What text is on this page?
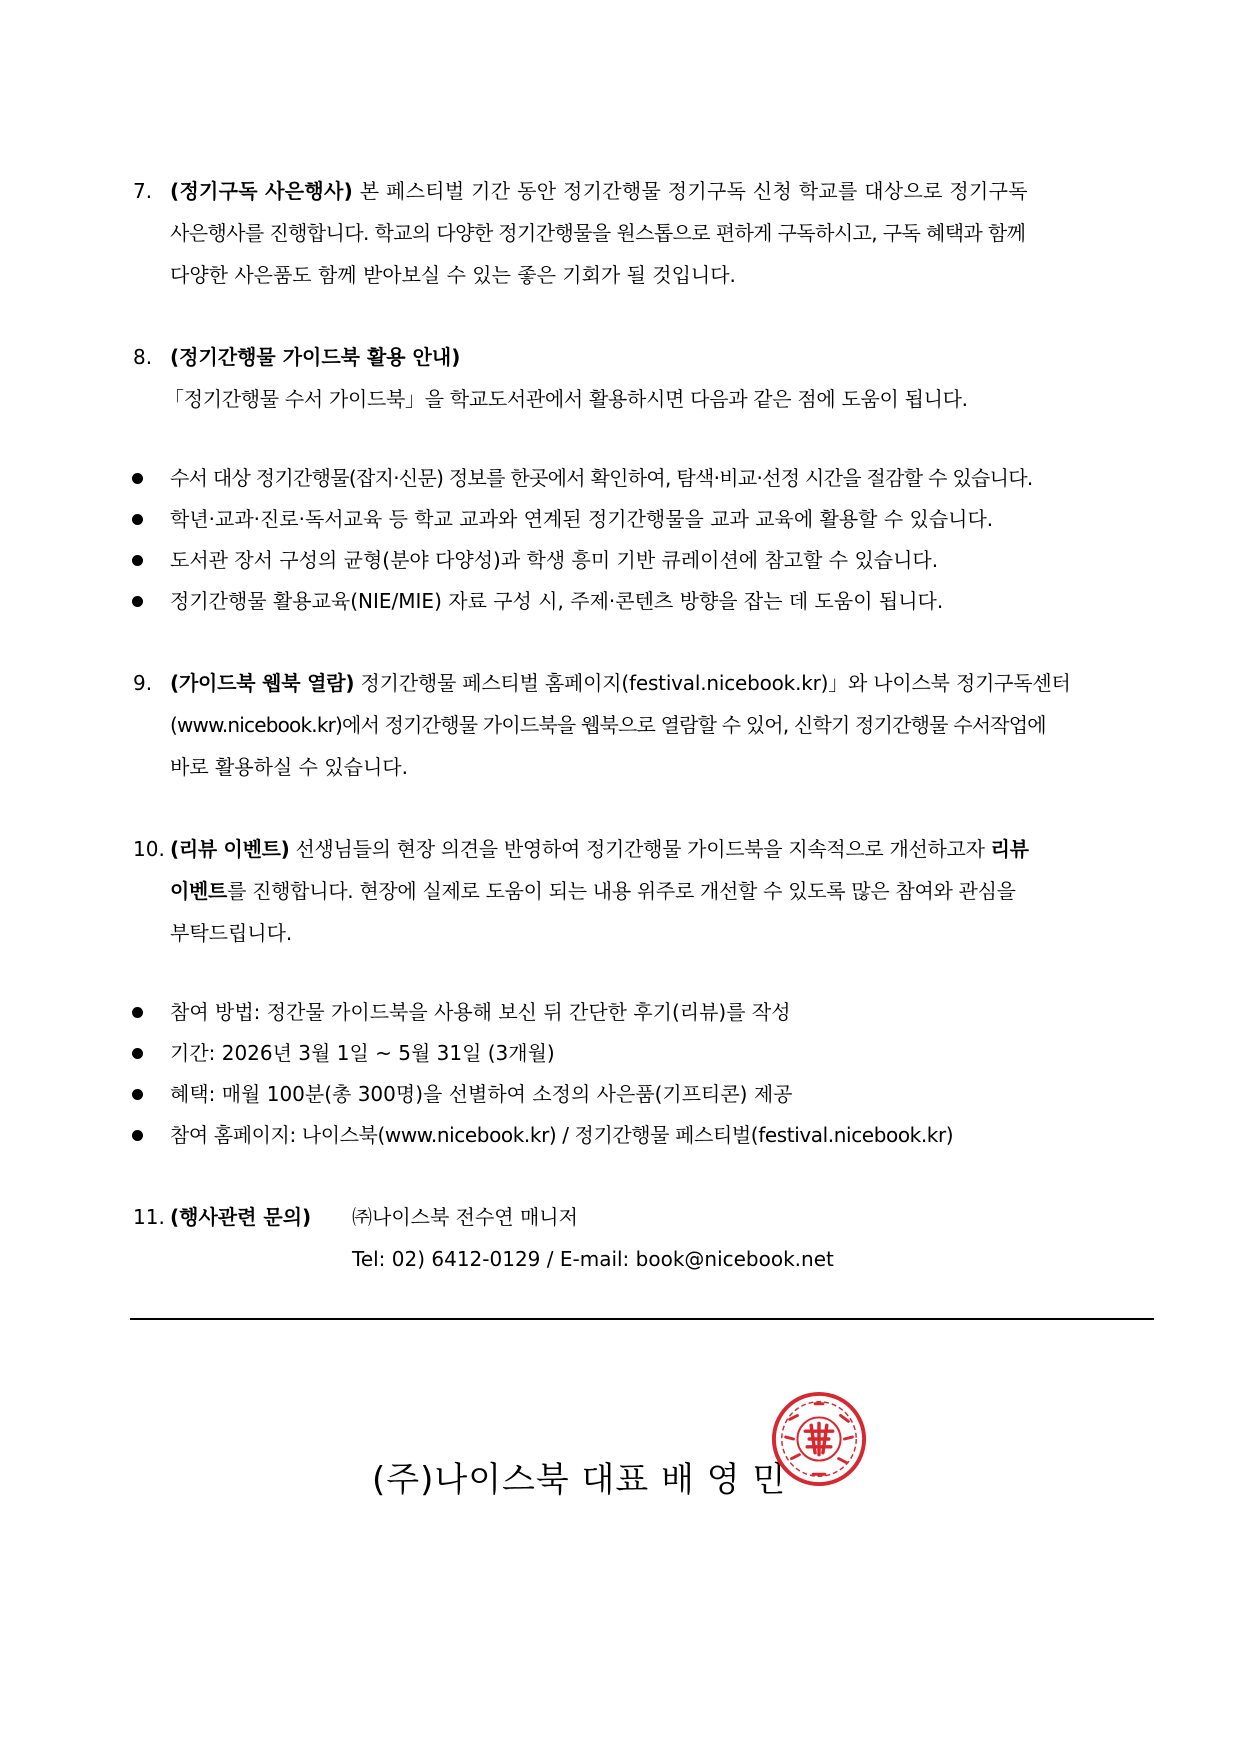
7. (정기구독 사은행사) 본 페스티벌 기간 동안 정기간행물 정기구독 신청 학교를 대상으로 정기구독
사은행사를 진행합니다. 학교의 다양한 정기간행물을 원스톱으로 편하게 구독하시고, 구독 혜택과 함께
다양한 사은품도 함께 받아보실 수 있는 좋은 기회가 될 것입니다.
8. (정기간행물 가이드북 활용 안내)
「정기간행물 수서 가이드북」을 학교도서관에서 활용하시면 다음과 같은 점에 도움이 됩니다.
수서 대상 정기간행물(잡지·신문) 정보를 한곳에서 확인하여, 탐색·비교·선정 시간을 절감할 수 있습니다.
학년·교과·진로·독서교육 등 학교 교과와 연계된 정기간행물을 교과 교육에 활용할 수 있습니다.
도서관 장서 구성의 균형(분야 다양성)과 학생 흥미 기반 큐레이션에 참고할 수 있습니다.
정기간행물 활용교육(NIE/MIE) 자료 구성 시, 주제·콘텐츠 방향을 잡는 데 도움이 됩니다.
9. (가이드북 웹북 열람) 정기간행물 페스티벌 홈페이지(festival.nicebook.kr)」와 나이스북 정기구독센터
(www.nicebook.kr)에서 정기간행물 가이드북을 웹북으로 열람할 수 있어, 신학기 정기간행물 수서작업에
바로 활용하실 수 있습니다.
10. (리뷰 이벤트) 선생님들의 현장 의견을 반영하여 정기간행물 가이드북을 지속적으로 개선하고자 리뷰
이벤트를 진행합니다. 현장에 실제로 도움이 되는 내용 위주로 개선할 수 있도록 많은 참여와 관심을
부탁드립니다.
참여 방법: 정간물 가이드북을 사용해 보신 뒤 간단한 후기(리뷰)를 작성
기간: 2026년 3월 1일 ~ 5월 31일 (3개월)
혜택: 매월 100분(총 300명)을 선별하여 소정의 사은품(기프티콘) 제공
참여 홈페이지: 나이스북(www.nicebook.kr) / 정기간행물 페스티벌(festival.nicebook.kr)
11. (행사관련 문의) ㈜나이스북 전수연 매니저
Tel: 02) 6412-0129 / E-mail: book@nicebook.net
(주)나이스북 대표 배 영 민
